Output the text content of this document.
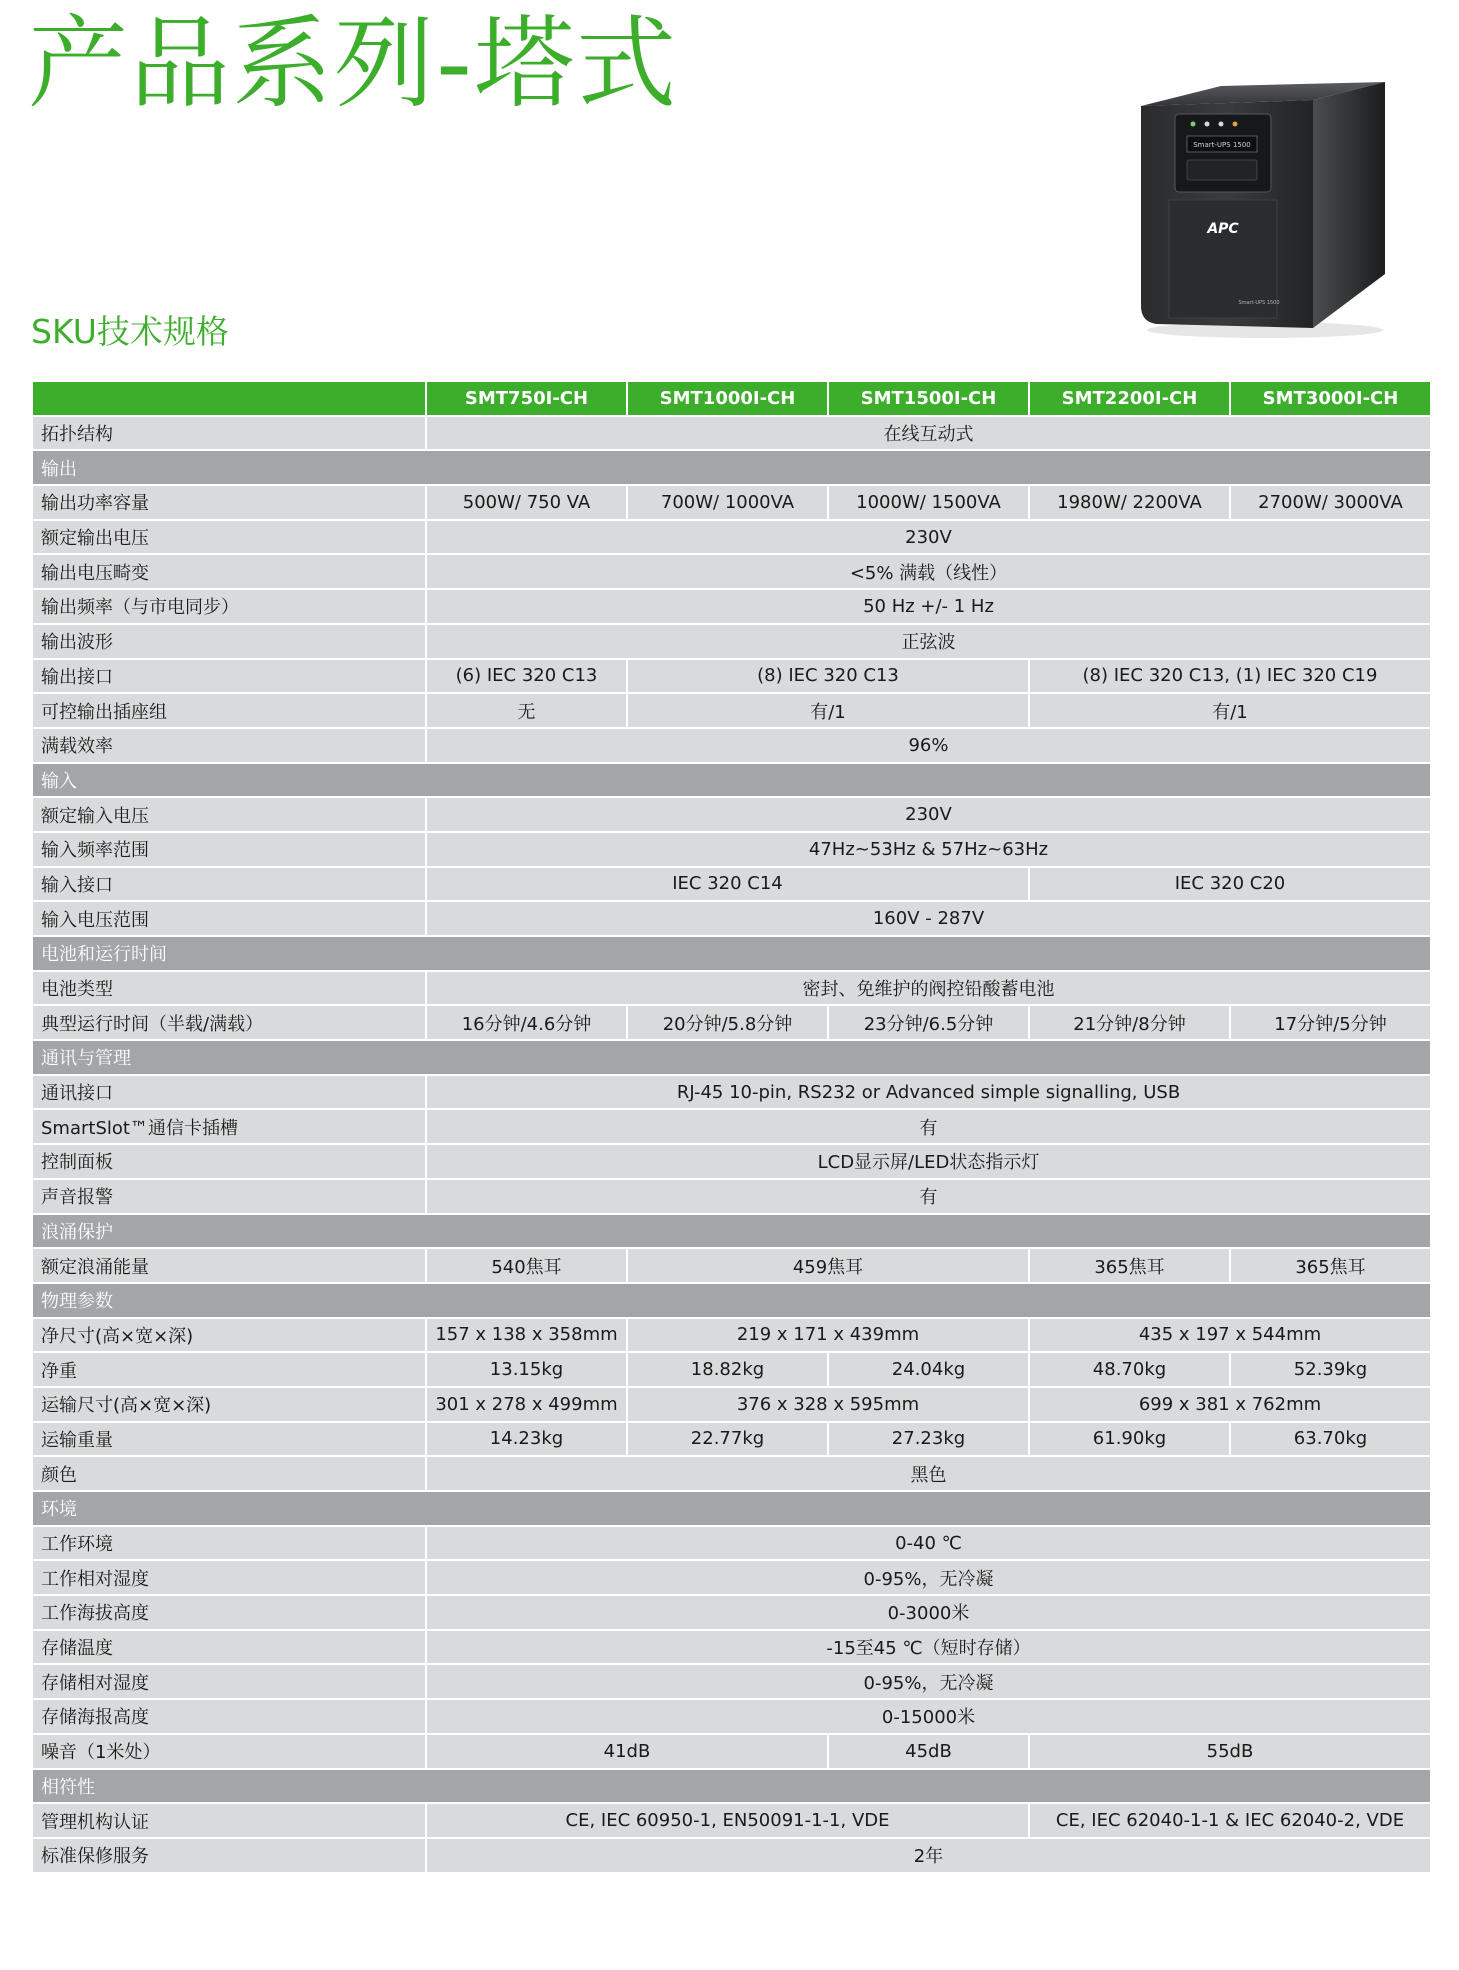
产品系列-塔式
SKU技术规格
Smart-UPS 1500
APC
Smart-UPS 1500
	SMT750I-CH	SMT1000I-CH	SMT1500I-CH	SMT2200I-CH	SMT3000I-CH
拓扑结构	在线互动式				
输出					
输出功率容量	500W/ 750 VA	700W/ 1000VA	1000W/ 1500VA	1980W/ 2200VA	2700W/ 3000VA
额定输出电压	230V				
输出电压畸变	<5% 满载（线性）				
输出频率（与市电同步）	50 Hz +/- 1 Hz				
输出波形	正弦波				
输出接口	(6) IEC 320 C13	(8) IEC 320 C13		(8) IEC 320 C13, (1) IEC 320 C19	
可控输出插座组	无	有/1		有/1	
满载效率	96%				
输入					
额定输入电压	230V				
输入频率范围	47Hz~53Hz & 57Hz~63Hz				
输入接口	IEC 320 C14			IEC 320 C20	
输入电压范围	160V - 287V				
电池和运行时间					
电池类型	密封、免维护的阀控铅酸蓄电池				
典型运行时间（半载/满载）	16分钟/4.6分钟	20分钟/5.8分钟	23分钟/6.5分钟	21分钟/8分钟	17分钟/5分钟
通讯与管理					
通讯接口	RJ-45 10-pin, RS232 or Advanced simple signalling, USB				
SmartSlot™通信卡插槽	有				
控制面板	LCD显示屏/LED状态指示灯				
声音报警	有				
浪涌保护					
额定浪涌能量	540焦耳	459焦耳		365焦耳	365焦耳
物理参数					
净尺寸(高×宽×深)	157 x 138 x 358mm	219 x 171 x 439mm		435 x 197 x 544mm	
净重	13.15kg	18.82kg	24.04kg	48.70kg	52.39kg
运输尺寸(高×宽×深)	301 x 278 x 499mm	376 x 328 x 595mm		699 x 381 x 762mm	
运输重量	14.23kg	22.77kg	27.23kg	61.90kg	63.70kg
颜色	黑色				
环境					
工作环境	0-40 ℃				
工作相对湿度	0-95%，无冷凝				
工作海拔高度	0-3000米				
存储温度	-15至45 ℃（短时存储）				
存储相对湿度	0-95%，无冷凝				
存储海报高度	0-15000米				
噪音（1米处）	41dB		45dB	55dB	
相符性					
管理机构认证	CE, IEC 60950-1, EN50091-1-1, VDE			CE, IEC 62040-1-1 & IEC 62040-2, VDE	
标准保修服务	2年				
